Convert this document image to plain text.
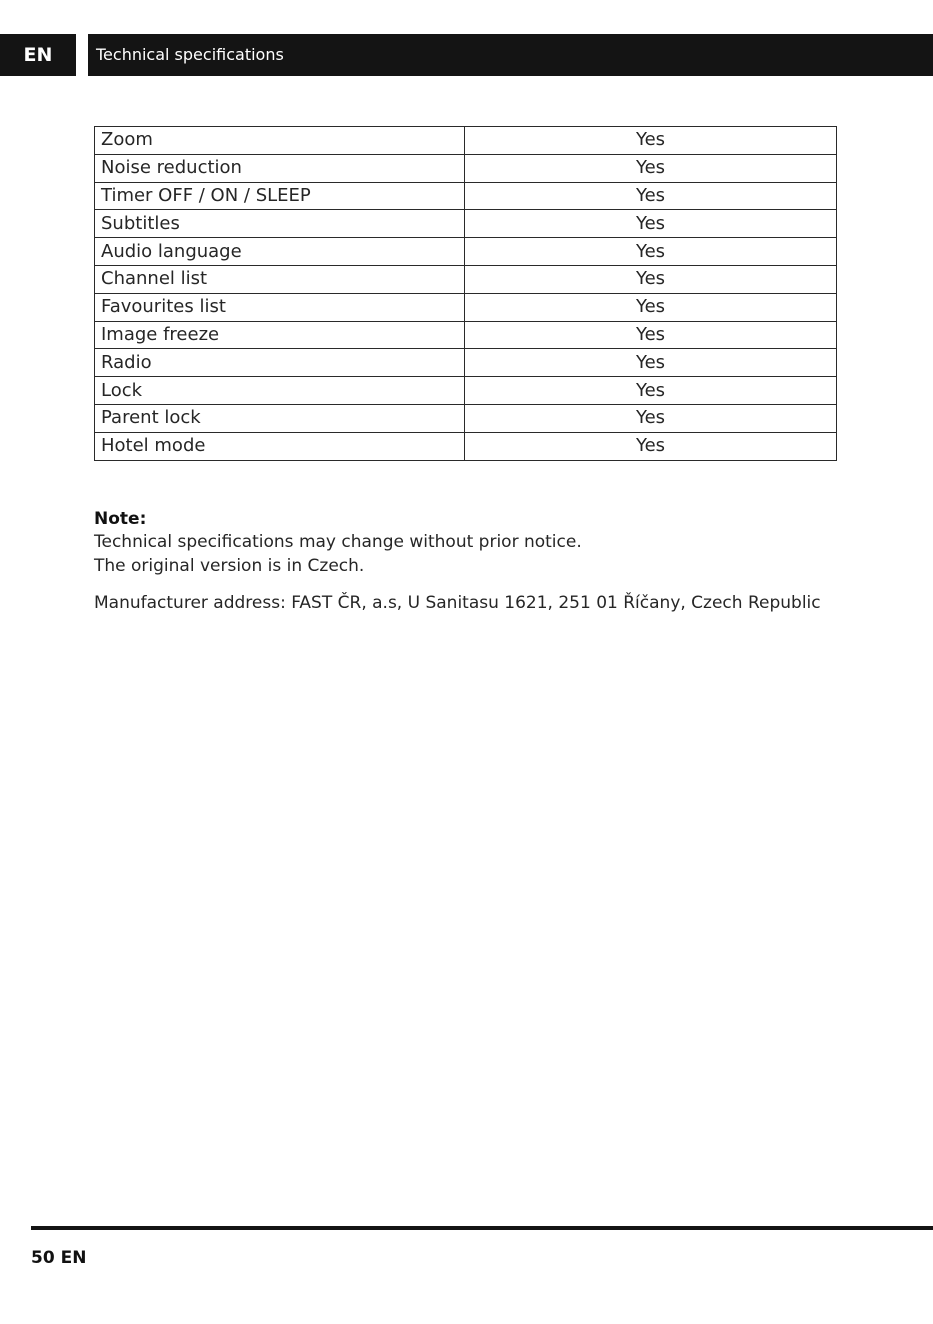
EN	Technical specifications
Zoom	Yes
Noise reduction	Yes
Timer OFF / ON / SLEEP	Yes
Subtitles	Yes
Audio language	Yes
Channel list	Yes
Favourites list	Yes
Image freeze	Yes
Radio	Yes
Lock	Yes
Parent lock	Yes
Hotel mode	Yes
Note:
Technical specifications may change without prior notice.
The original version is in Czech.
Manufacturer address: FAST ČR, a.s, U Sanitasu 1621, 251 01 Říčany, Czech Republic
50 EN
